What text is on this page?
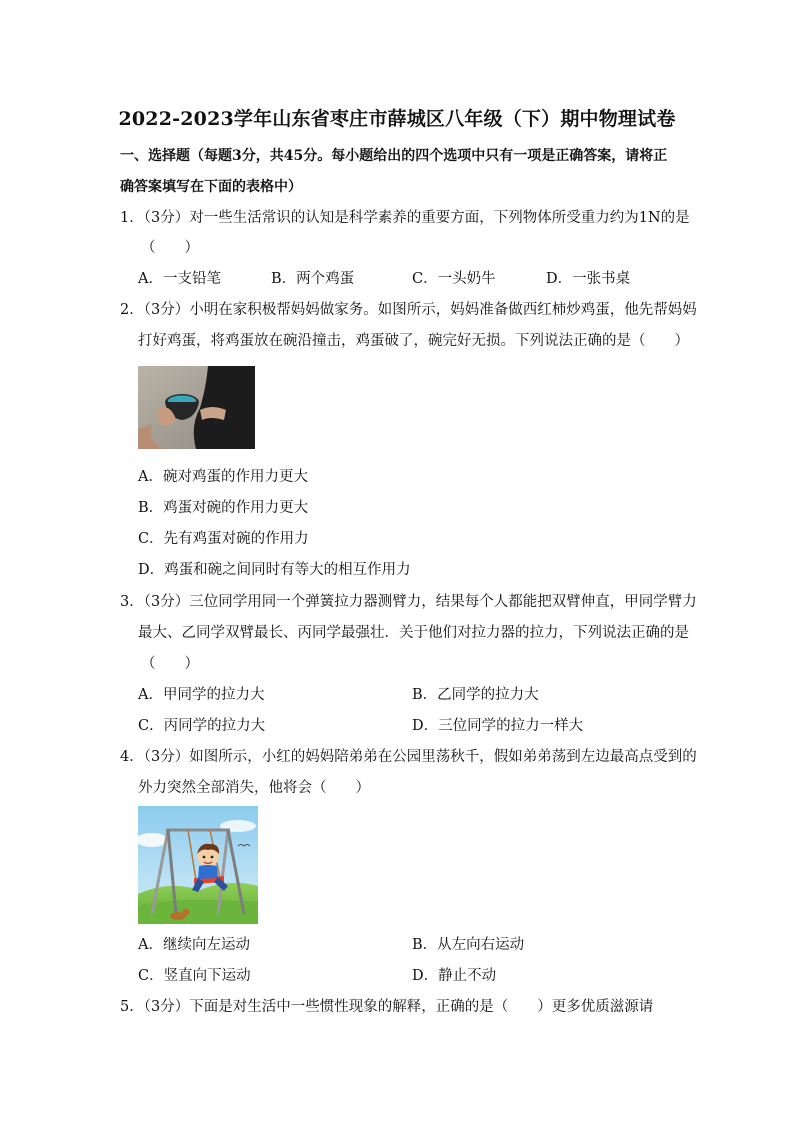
2022-2023学年山东省枣庄市薛城区八年级（下）期中物理试卷
一、选择题（每题3分，共45分。每小题给出的四个选项中只有一项是正确答案，请将正
确答案填写在下面的表格中）
1．（3分）对一些生活常识的认知是科学素养的重要方面，下列物体所受重力约为1N的是
（　　）
A．一支铅笔	B．两个鸡蛋	C．一头奶牛	D．一张书桌
2．（3分）小明在家积极帮妈妈做家务。如图所示，妈妈准备做西红柿炒鸡蛋，他先帮妈妈
打好鸡蛋，将鸡蛋放在碗沿撞击，鸡蛋破了，碗完好无损。下列说法正确的是（　　）
A．碗对鸡蛋的作用力更大
B．鸡蛋对碗的作用力更大
C．先有鸡蛋对碗的作用力
D．鸡蛋和碗之间同时有等大的相互作用力
3．（3分）三位同学用同一个弹簧拉力器测臂力，结果每个人都能把双臂伸直，甲同学臂力
最大、乙同学双臂最长、丙同学最强壮．关于他们对拉力器的拉力，下列说法正确的是
（　　）
A．甲同学的拉力大	B．乙同学的拉力大
C．丙同学的拉力大	D．三位同学的拉力一样大
4．（3分）如图所示，小红的妈妈陪弟弟在公园里荡秋千，假如弟弟荡到左边最高点受到的
外力突然全部消失，他将会（　　）
A．继续向左运动	B．从左向右运动
C．竖直向下运动	D．静止不动
5．（3分）下面是对生活中一些惯性现象的解释，正确的是（　　）更多优质滋源请
